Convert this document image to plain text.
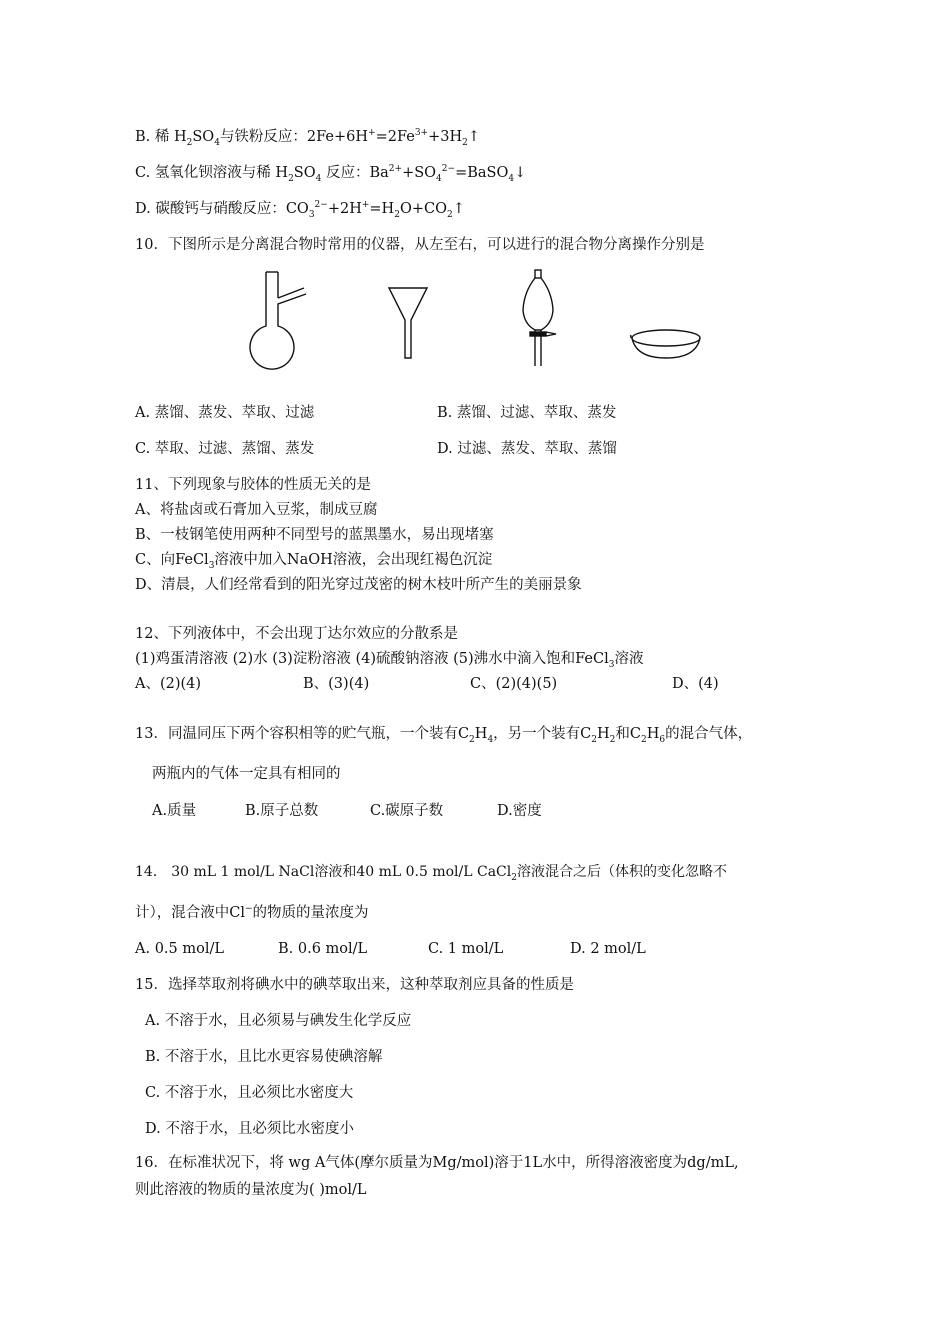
B. 稀 $H_2SO_4$与铁粉反应：$2Fe+6H^+=2Fe^{3+}+3H_2↑$
C. 氢氧化钡溶液与稀 $H_2SO_4$ 反应：$Ba^{2+}+SO_4^{2-}=BaSO_4↓$
D. 碳酸钙与硝酸反应：$CO_3^{2-}+2H^+=H_2O+CO_2↑$
10．下图所示是分离混合物时常用的仪器，从左至右，可以进行的混合物分离操作分别是
A. 蒸馏、蒸发、萃取、过滤	B. 蒸馏、过滤、萃取、蒸发
C. 萃取、过滤、蒸馏、蒸发	D. 过滤、蒸发、萃取、蒸馏
11、下列现象与胶体的性质无关的是
A、将盐卤或石膏加入豆浆，制成豆腐
B、一枝钢笔使用两种不同型号的蓝黑墨水，易出现堵塞
C、向FeCl$_3$溶液中加入NaOH溶液，会出现红褐色沉淀
D、清晨，人们经常看到的阳光穿过茂密的树木枝叶所产生的美丽景象
12、下列液体中，不会出现丁达尔效应的分散系是
(1)鸡蛋清溶液 (2)水 (3)淀粉溶液 (4)硫酸钠溶液 (5)沸水中滴入饱和FeCl$_3$溶液
A、(2)(4)	B、(3)(4)	C、(2)(4)(5)	D、(4)
13．同温同压下两个容积相等的贮气瓶，一个装有$C_2H_4$，另一个装有$C_2H_2$和$C_2H_6$的混合气体，
两瓶内的气体一定具有相同的
A.质量	B.原子总数	C.碳原子数	D.密度
14． 30 mL 1 mol/L NaCl溶液和40 mL 0.5 mol/L CaCl$_2$溶液混合之后（体积的变化忽略不
计），混合液中Cl−的物质的量浓度为
A. 0.5 mol/L	B. 0.6 mol/L	C. 1 mol/L	D. 2 mol/L
15．选择萃取剂将碘水中的碘萃取出来，这种萃取剂应具备的性质是
A. 不溶于水，且必须易与碘发生化学反应
B. 不溶于水，且比水更容易使碘溶解
C. 不溶于水，且必须比水密度大
D. 不溶于水，且必须比水密度小
16．在标准状况下，将 wg A气体(摩尔质量为Mg/mol)溶于1L水中，所得溶液密度为dg/mL,
则此溶液的物质的量浓度为( )mol/L
